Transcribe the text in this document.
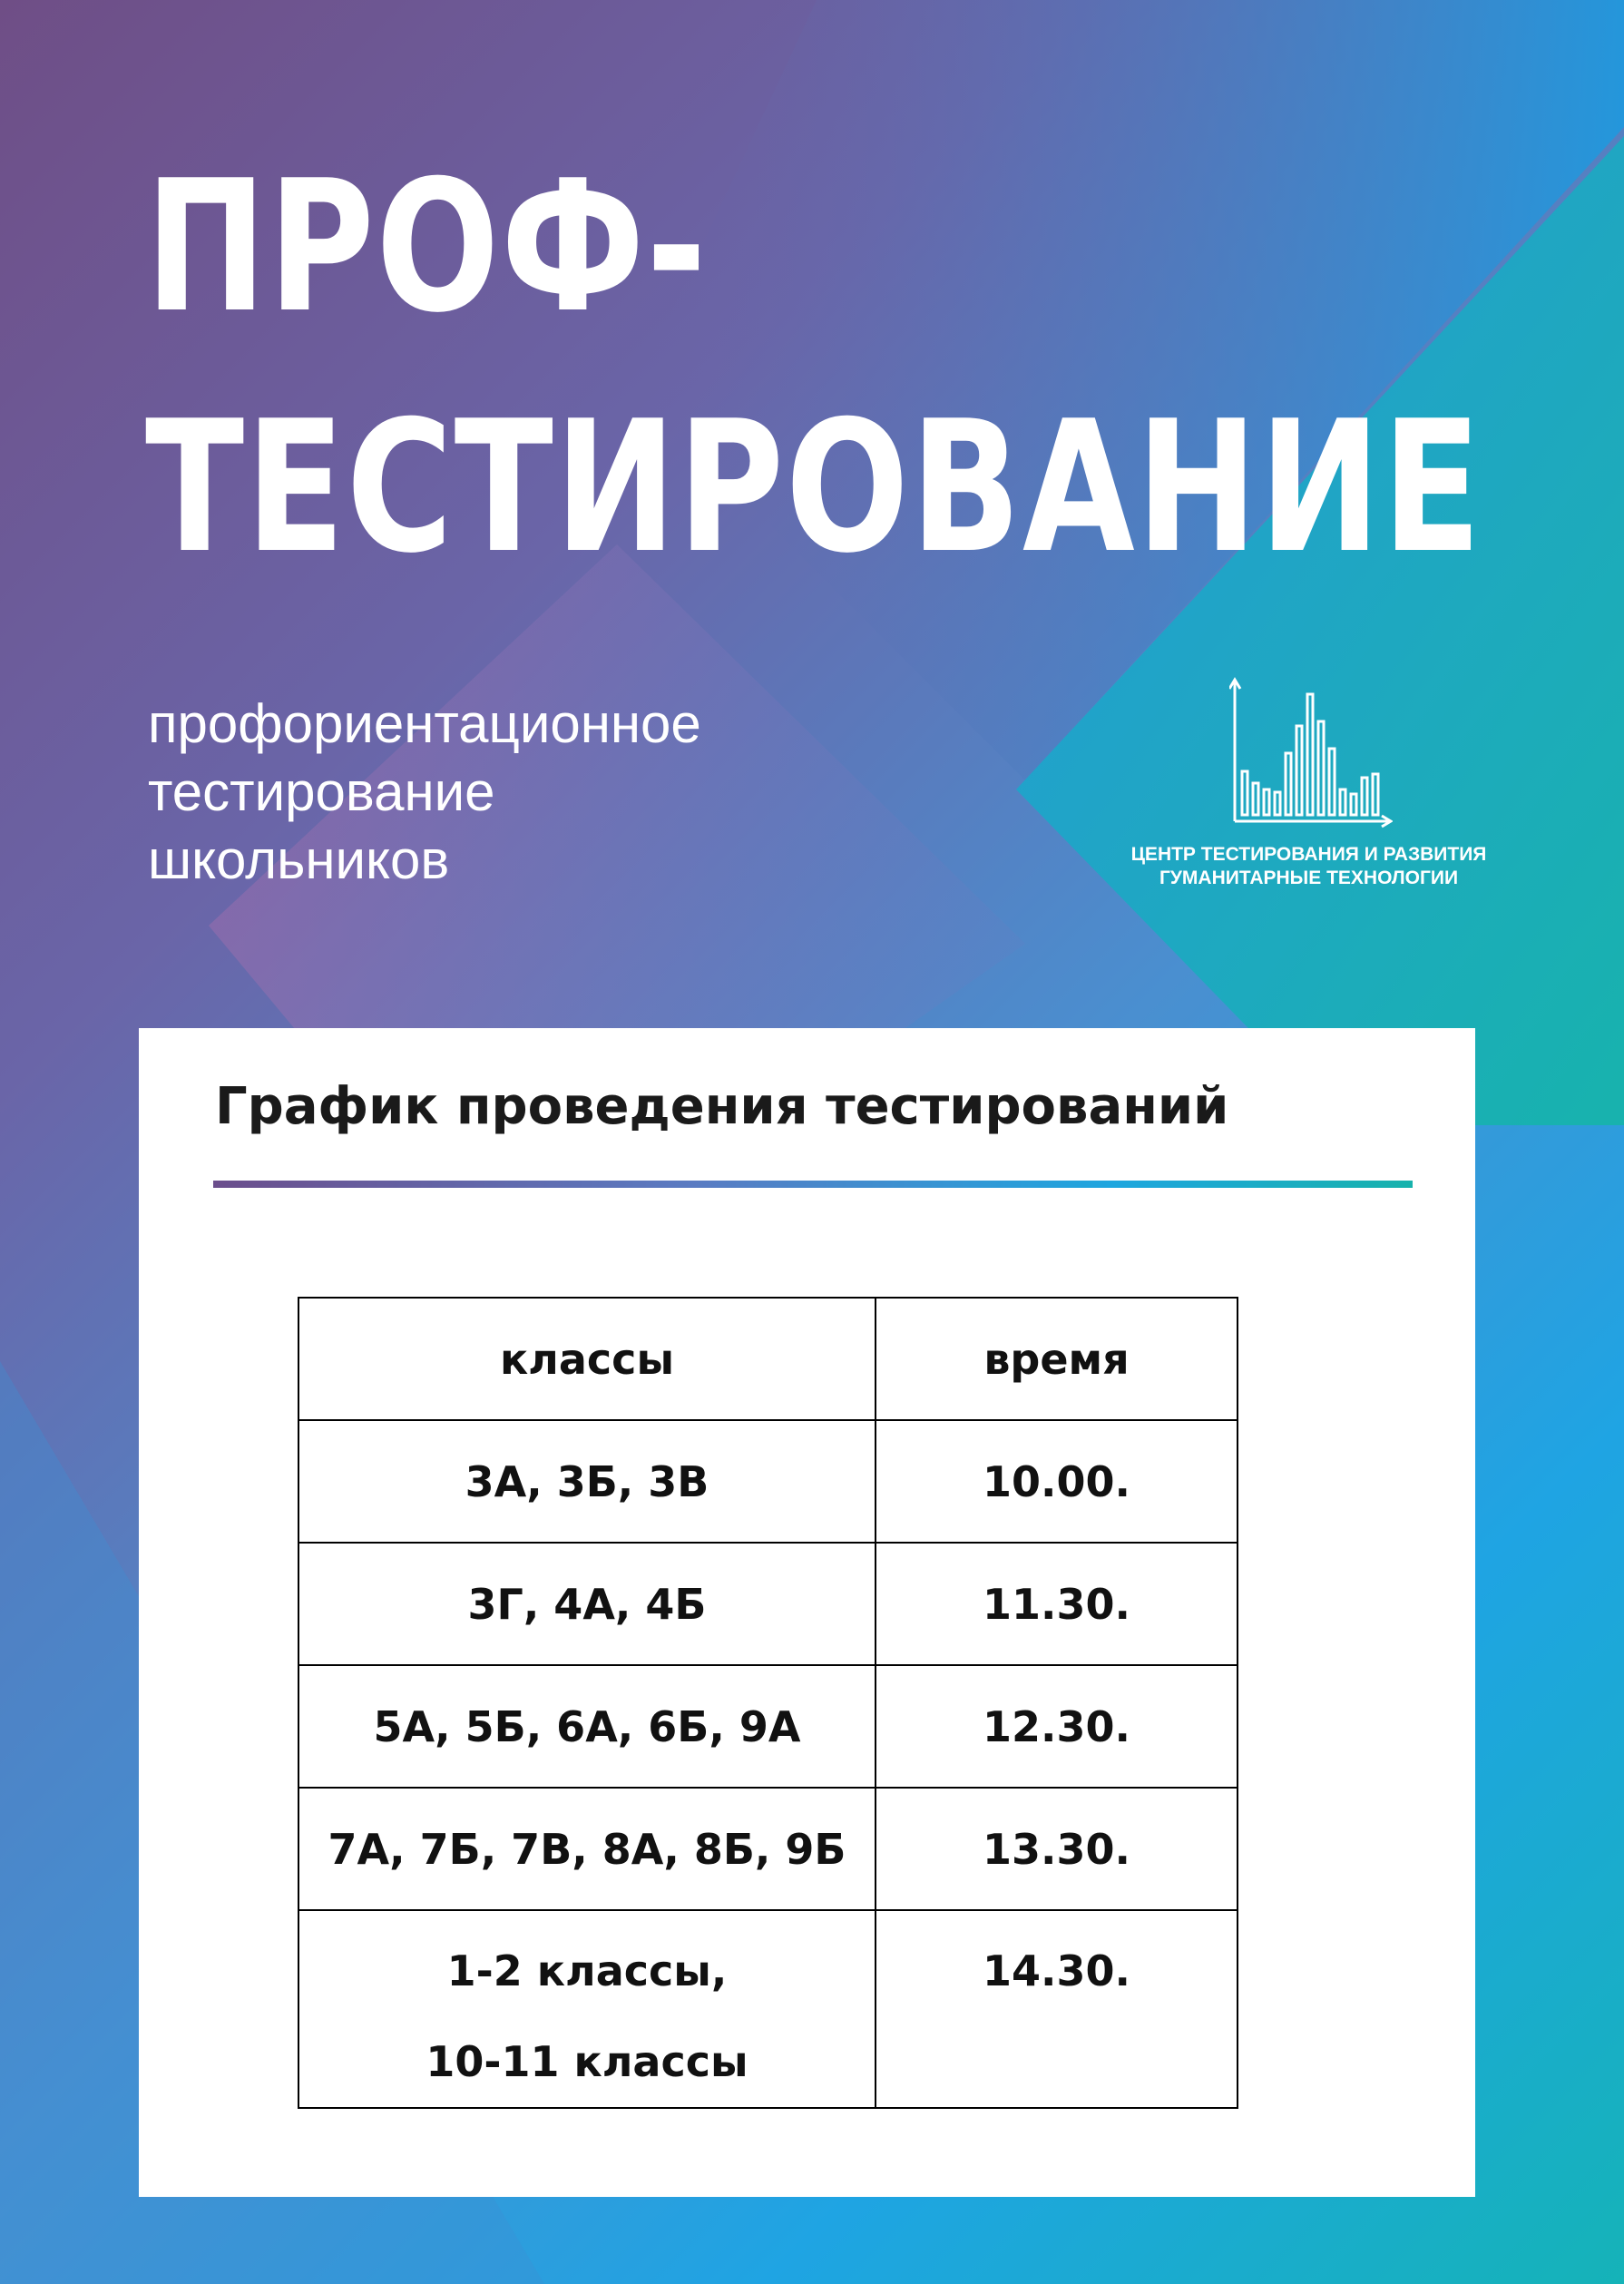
ПРОФ-
ТЕСТИРОВАНИЕ
профориентационное
тестирование
школьников	ЦЕНТР ТЕСТИРОВАНИЯ И РАЗВИТИЯ
ГУМАНИТАРНЫЕ ТЕХНОЛОГИИ
График проведения тестирований
классы	время
3А, 3Б, 3В	10.00.
3Г, 4А, 4Б	11.30.
5А, 5Б, 6А, 6Б, 9А	12.30.
7А, 7Б, 7В, 8А, 8Б, 9Б	13.30.

1-2 классы,
10-11 классы	14.30.
